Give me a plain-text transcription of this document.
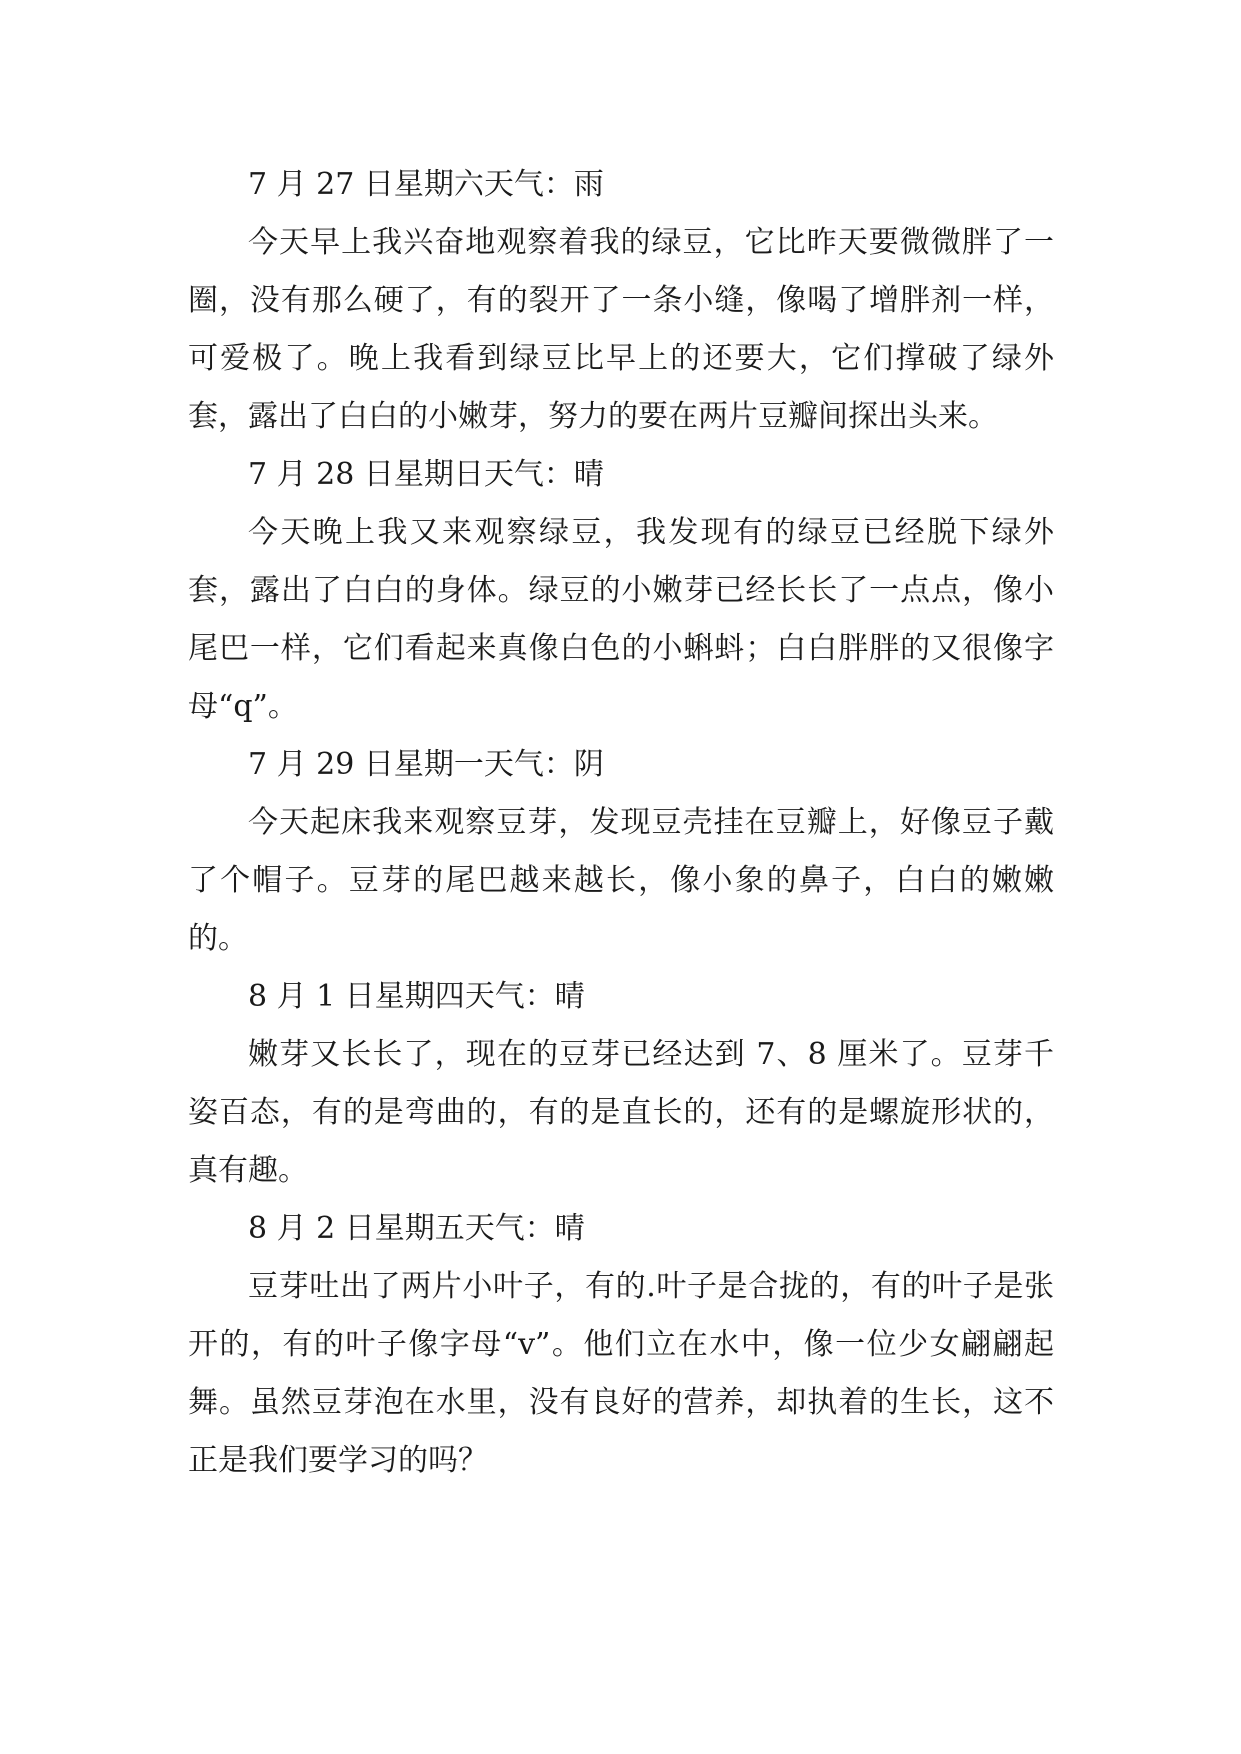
7 月 27 日星期六天气：雨

今天早上我兴奋地观察着我的绿豆，它比昨天要微微胖了一圈，没有那么硬了，有的裂开了一条小缝，像喝了增胖剂一样，可爱极了。晚上我看到绿豆比早上的还要大，它们撑破了绿外套，露出了白白的小嫩芽，努力的要在两片豆瓣间探出头来。

7 月 28 日星期日天气：晴

今天晚上我又来观察绿豆，我发现有的绿豆已经脱下绿外套，露出了白白的身体。绿豆的小嫩芽已经长长了一点点，像小尾巴一样，它们看起来真像白色的小蝌蚪；白白胖胖的又很像字母“q”。

7 月 29 日星期一天气：阴

今天起床我来观察豆芽，发现豆壳挂在豆瓣上，好像豆子戴了个帽子。豆芽的尾巴越来越长，像小象的鼻子，白白的嫩嫩的。

8 月 1 日星期四天气：晴

嫩芽又长长了，现在的豆芽已经达到 7、8 厘米了。豆芽千姿百态，有的是弯曲的，有的是直长的，还有的是螺旋形状的，真有趣。

8 月 2 日星期五天气：晴

豆芽吐出了两片小叶子，有的.叶子是合拢的，有的叶子是张开的，有的叶子像字母“v”。他们立在水中，像一位少女翩翩起舞。虽然豆芽泡在水里，没有良好的营养，却执着的生长，这不正是我们要学习的吗？
